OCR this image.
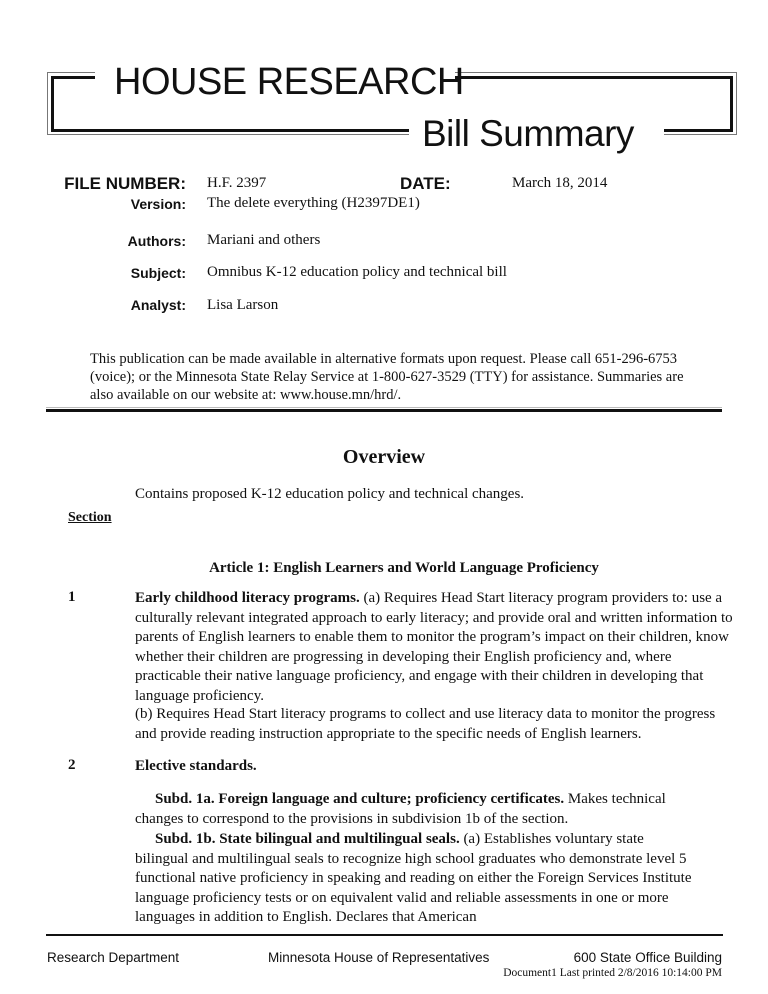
HOUSE RESEARCH
Bill Summary
FILE NUMBER: H.F. 2397	DATE:	March 18, 2014
Version: The delete everything (H2397DE1)
Authors: Mariani and others
Subject: Omnibus K-12 education policy and technical bill
Analyst: Lisa Larson
This publication can be made available in alternative formats upon request. Please call 651-296-6753 (voice); or the Minnesota State Relay Service at 1-800-627-3529 (TTY) for assistance. Summaries are also available on our website at: www.house.mn/hrd/.
Overview
Contains proposed K-12 education policy and technical changes.
Section
Article 1: English Learners and World Language Proficiency
1	Early childhood literacy programs. (a) Requires Head Start literacy program providers to: use a culturally relevant integrated approach to early literacy; and provide oral and written information to parents of English learners to enable them to monitor the program’s impact on their children, know whether their children are progressing in developing their English proficiency and, where practicable their native language proficiency, and engage with their children in developing that language proficiency.
(b) Requires Head Start literacy programs to collect and use literacy data to monitor the progress and provide reading instruction appropriate to the specific needs of English learners.
2	Elective standards.
Subd. 1a. Foreign language and culture; proficiency certificates. Makes technical changes to correspond to the provisions in subdivision 1b of the section.
Subd. 1b. State bilingual and multilingual seals. (a) Establishes voluntary state bilingual and multilingual seals to recognize high school graduates who demonstrate level 5 functional native proficiency in speaking and reading on either the Foreign Services Institute language proficiency tests or on equivalent valid and reliable assessments in one or more languages in addition to English. Declares that American
Research Department	Minnesota House of Representatives	600 State Office Building
Document1 Last printed 2/8/2016 10:14:00 PM
